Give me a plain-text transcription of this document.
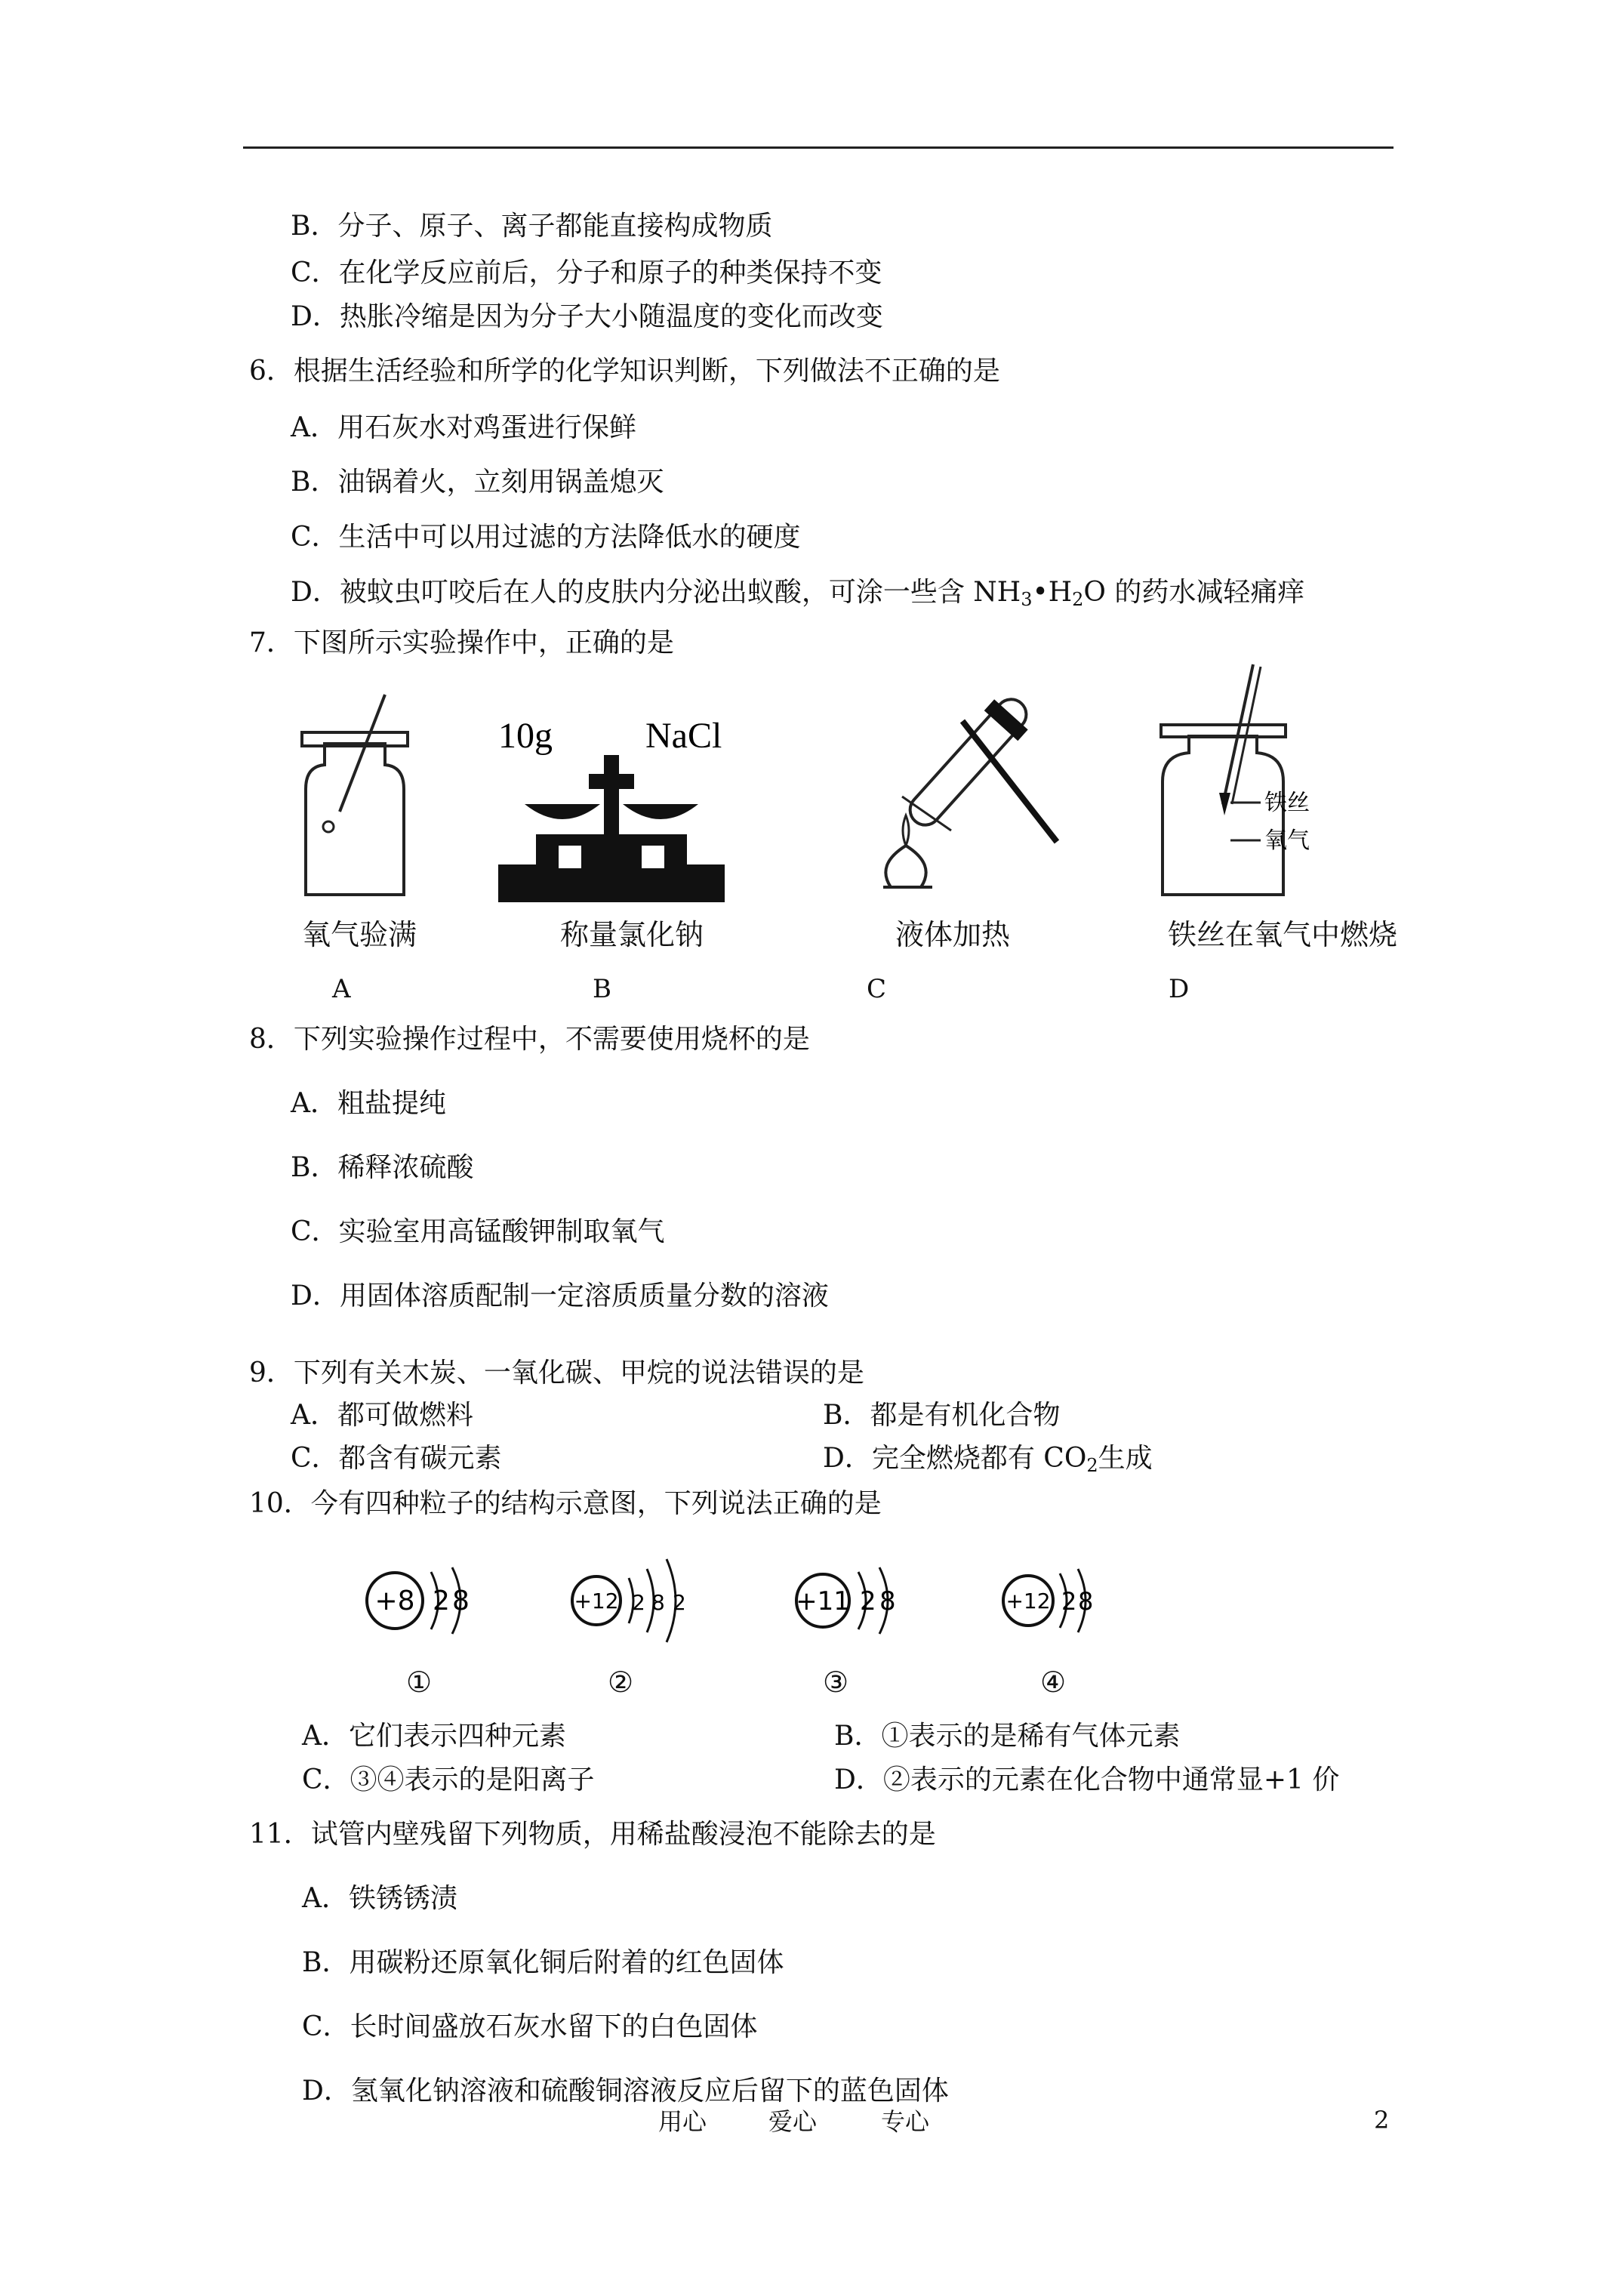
B．分子、原子、离子都能直接构成物质
C．在化学反应前后，分子和原子的种类保持不变
D．热胀冷缩是因为分子大小随温度的变化而改变
6．根据生活经验和所学的化学知识判断，下列做法不正确的是
A．用石灰水对鸡蛋进行保鲜
B．油锅着火，立刻用锅盖熄灭
C．生活中可以用过滤的方法降低水的硬度
D．被蚊虫叮咬后在人的皮肤内分泌出蚁酸，可涂一些含 $NH_3•H_2O$ 的药水减轻痛痒
7．下图所示实验操作中，正确的是
10g	NaCl
铁丝
氧气
氧气验满	称量氯化钠	液体加热	铁丝在氧气中燃烧
A	B	C	D
8．下列实验操作过程中，不需要使用烧杯的是
A．粗盐提纯
B．稀释浓硫酸
C．实验室用高锰酸钾制取氧气
D．用固体溶质配制一定溶质质量分数的溶液
9．下列有关木炭、一氧化碳、甲烷的说法错误的是
A．都可做燃料	B．都是有机化合物
C．都含有碳元素	D．完全燃烧都有 $CO_2$生成
10．今有四种粒子的结构示意图，下列说法正确的是
+8 2 8	+12 2 8 2	+11 2 8	+12 2 8
①	②	③	④
A．它们表示四种元素	B．①表示的是稀有气体元素
C．③④表示的是阳离子	D．②表示的元素在化合物中通常显+1 价
11．试管内壁残留下列物质，用稀盐酸浸泡不能除去的是
A．铁锈锈渍
B．用碳粉还原氧化铜后附着的红色固体
C．长时间盛放石灰水留下的白色固体
D．氢氧化钠溶液和硫酸铜溶液反应后留下的蓝色固体
用心	爱心	专心	2
